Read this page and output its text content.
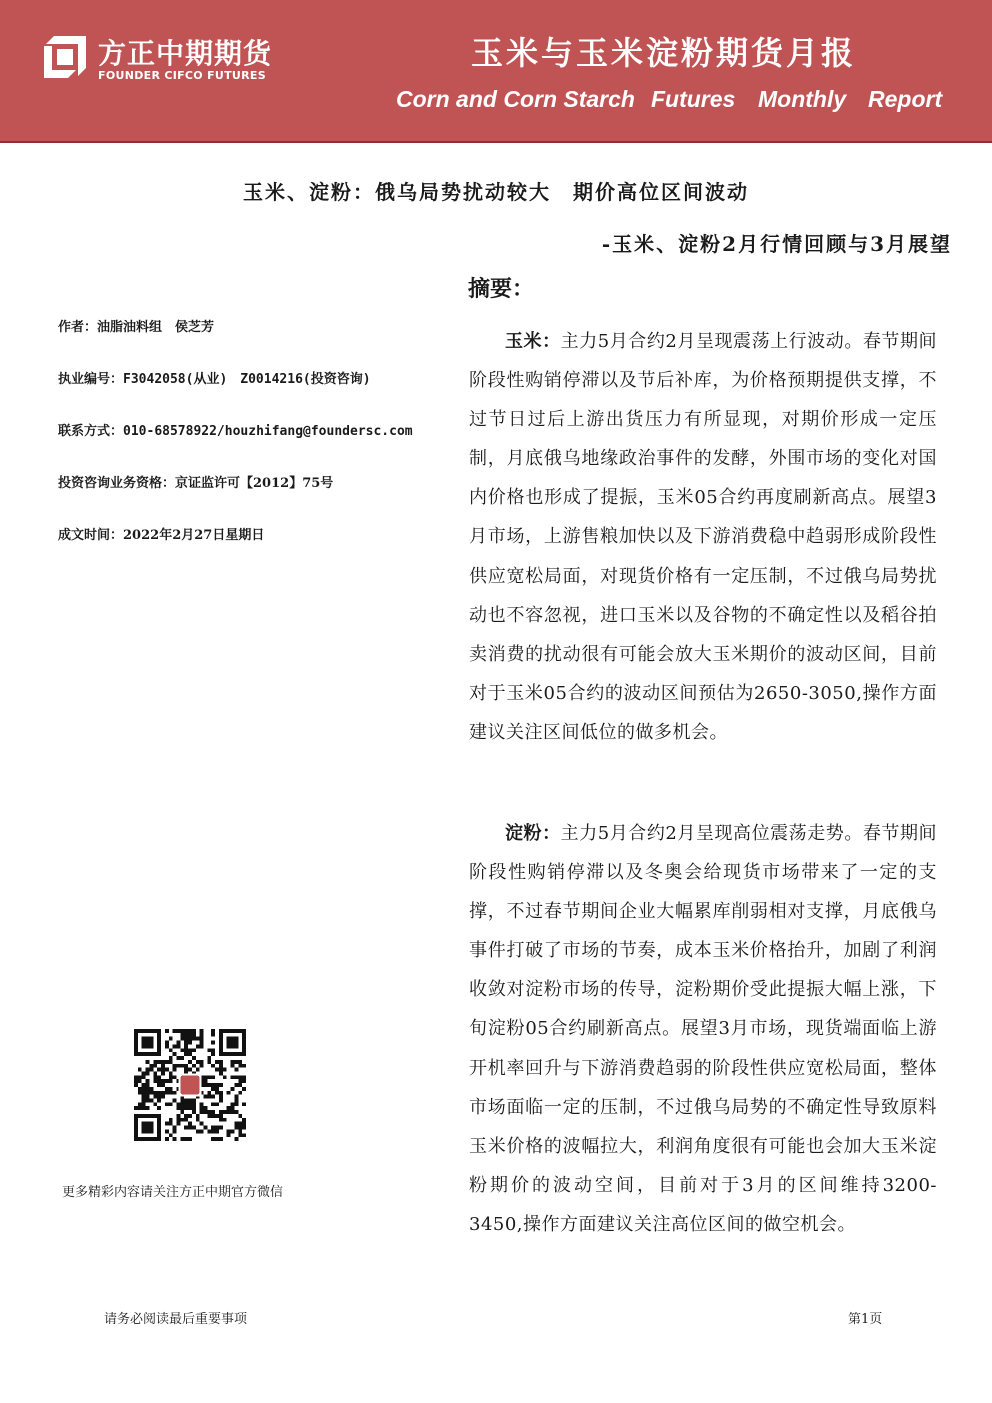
方正中期期货
FOUNDER CIFCO FUTURES
玉米与玉米淀粉期货月报
Corn and Corn Starch Futures Monthly Report
玉米、淀粉：俄乌局势扰动较大　期价高位区间波动
-玉米、淀粉2月行情回顾与3月展望
摘要：
作者：油脂油料组　侯芝芳
执业编号：F3042058(从业)　Z0014216(投资咨询)
联系方式：010-68578922/houzhifang@foundersc.com
投资咨询业务资格：京证监许可【2012】75号
成文时间：2022年2月27日星期日

玉米：主力5月合约2月呈现震荡上行波动。春节期间阶段性购销停滞以及节后补库，为价格预期提供支撑，不过节日过后上游出货压力有所显现，对期价形成一定压制，月底俄乌地缘政治事件的发酵，外围市场的变化对国内价格也形成了提振，玉米05合约再度刷新高点。展望3月市场，上游售粮加快以及下游消费稳中趋弱形成阶段性供应宽松局面，对现货价格有一定压制，不过俄乌局势扰动也不容忽视，进口玉米以及谷物的不确定性以及稻谷拍卖消费的扰动很有可能会放大玉米期价的波动区间，目前对于玉米05合约的波动区间预估为2650-3050,操作方面建议关注区间低位的做多机会。

淀粉：主力5月合约2月呈现高位震荡走势。春节期间阶段性购销停滞以及冬奥会给现货市场带来了一定的支撑，不过春节期间企业大幅累库削弱相对支撑，月底俄乌事件打破了市场的节奏，成本玉米价格抬升，加剧了利润收敛对淀粉市场的传导，淀粉期价受此提振大幅上涨，下旬淀粉05合约刷新高点。展望3月市场，现货端面临上游开机率回升与下游消费趋弱的阶段性供应宽松局面，整体市场面临一定的压制，不过俄乌局势的不确定性导致原料玉米价格的波幅拉大，利润角度很有可能也会加大玉米淀粉期价的波动空间，目前对于3月的区间维持3200-3450,操作方面建议关注高位区间的做空机会。

更多精彩内容请关注方正中期官方微信
请务必阅读最后重要事项	第1页
